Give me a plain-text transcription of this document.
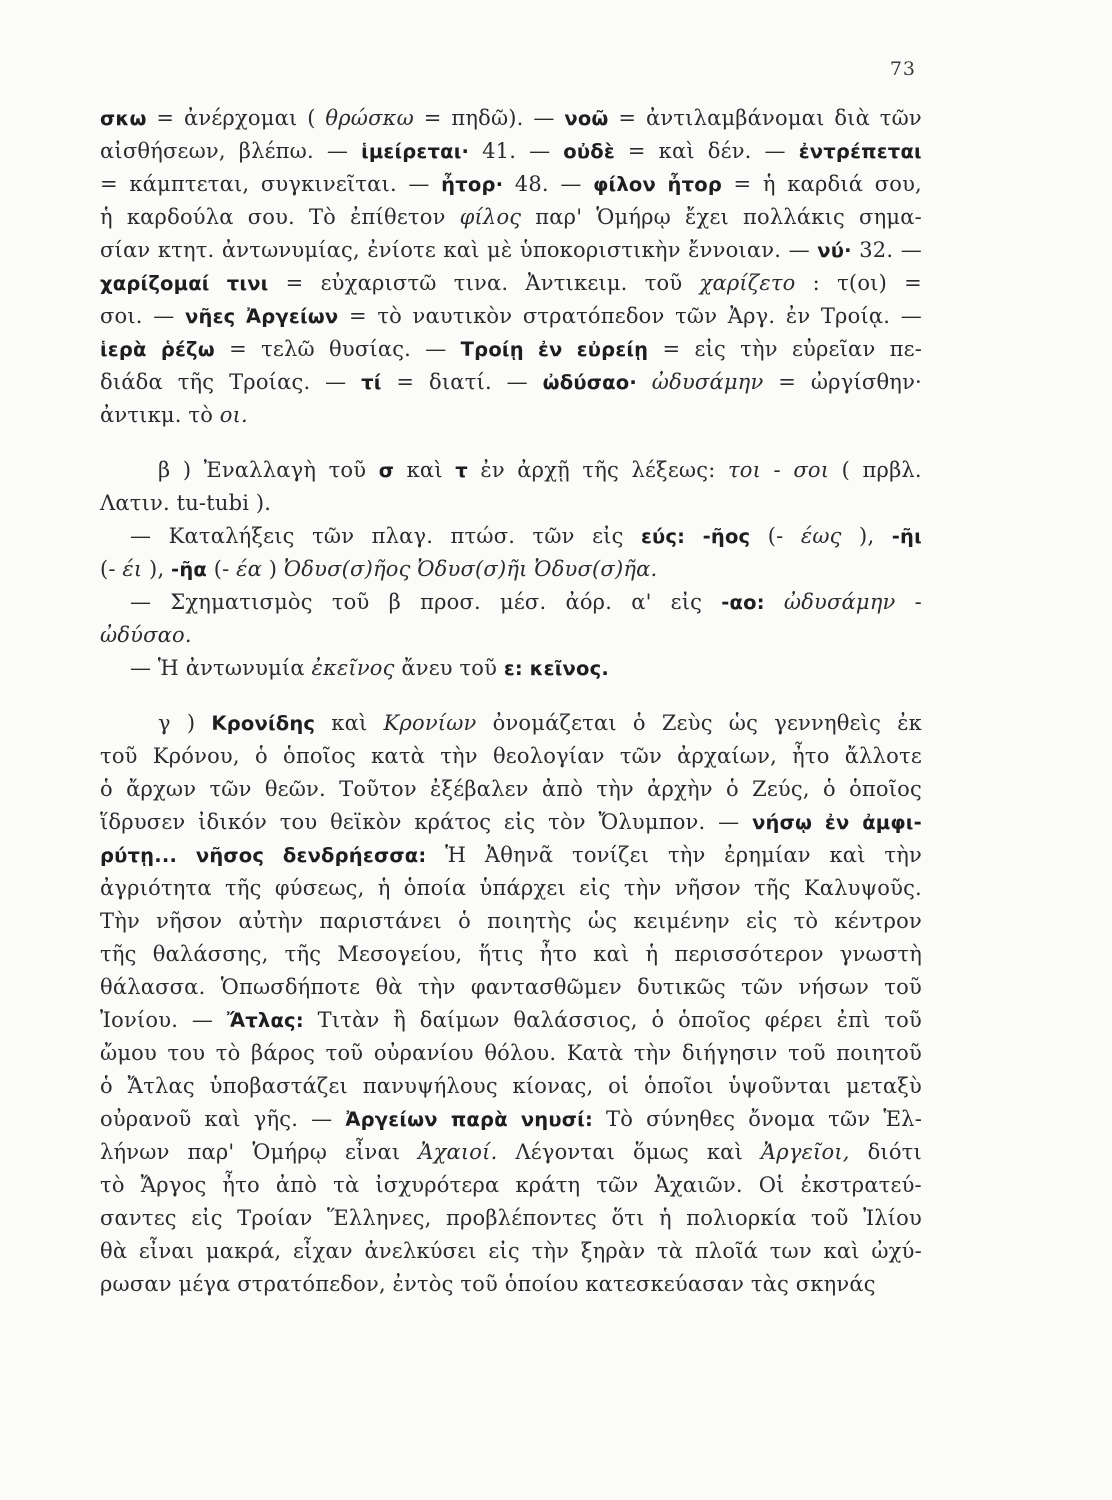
73
σκω = ἀνέρχομαι ( θρώσκω = πηδῶ). — νοῶ = ἀντιλαμβάνομαι διὰ τῶν
αἰσθήσεων, βλέπω. — ἱμείρεται· 41. — οὐδὲ = καὶ δέν. — ἐντρέπεται
= κάμπτεται, συγκινεῖται. — ἦτορ· 48. — φίλον ἦτορ = ἡ καρδιά σου,
ἡ καρδούλα σου. Τὸ ἐπίθετον φίλος παρ' Ὁμήρῳ ἔχει πολλάκις σημα-
σίαν κτητ. ἀντωνυμίας, ἐνίοτε καὶ μὲ ὑποκοριστικὴν ἔννοιαν. — νύ· 32. —
χαρίζομαί τινι = εὐχαριστῶ τινα. Ἀντικειμ. τοῦ χαρίζετο : τ(οι) =
σοι. — νῆες Ἀργείων = τὸ ναυτικὸν στρατόπεδον τῶν Ἀργ. ἐν Τροίᾳ. —
ἱερὰ ῥέζω = τελῶ θυσίας. — Τροίῃ ἐν εὐρείῃ = εἰς τὴν εὐρεῖαν πε-
διάδα τῆς Τροίας. — τί = διατί. — ὠδύσαο· ὠδυσάμην = ὠργίσθην·
ἀντικμ. τὸ οι.
β ) Ἐναλλαγὴ τοῦ σ καὶ τ ἐν ἀρχῇ τῆς λέξεως: τοι - σοι ( πρβλ.
Λατιν. tu-tubi ).
— Καταλήξεις τῶν πλαγ. πτώσ. τῶν εἰς εύς: -ῆος (- έως ), -ῆι
(- έι ), -ῆα (- έα ) Ὀδυσ(σ)ῆος Ὀδυσ(σ)ῆι Ὀδυσ(σ)ῆα.
— Σχηματισμὸς τοῦ β προσ. μέσ. ἀόρ. α' εἰς -αο: ὠδυσάμην -
ὠδύσαο.
— Ἡ ἀντωνυμία ἐκεῖνος ἄνευ τοῦ ε: κεῖνος.
γ ) Κρονίδης καὶ Κρονίων ὀνομάζεται ὁ Ζεὺς ὡς γεννηθεὶς ἐκ
τοῦ Κρόνου, ὁ ὁποῖος κατὰ τὴν θεολογίαν τῶν ἀρχαίων, ἦτο ἄλλοτε
ὁ ἄρχων τῶν θεῶν. Τοῦτον ἐξέβαλεν ἀπὸ τὴν ἀρχὴν ὁ Ζεύς, ὁ ὁποῖος
ἵδρυσεν ἰδικόν του θεϊκὸν κράτος εἰς τὸν Ὄλυμπον. — νήσῳ ἐν ἀμφι-
ρύτῃ... νῆσος δενδρήεσσα: Ἡ Ἀθηνᾶ τονίζει τὴν ἐρημίαν καὶ τὴν
ἀγριότητα τῆς φύσεως, ἡ ὁποία ὑπάρχει εἰς τὴν νῆσον τῆς Καλυψοῦς.
Τὴν νῆσον αὐτὴν παριστάνει ὁ ποιητὴς ὡς κειμένην εἰς τὸ κέντρον
τῆς θαλάσσης, τῆς Μεσογείου, ἥτις ἦτο καὶ ἡ περισσότερον γνωστὴ
θάλασσα. Ὁπωσδήποτε θὰ τὴν φαντασθῶμεν δυτικῶς τῶν νήσων τοῦ
Ἰονίου. — Ἄτλας: Τιτὰν ἢ δαίμων θαλάσσιος, ὁ ὁποῖος φέρει ἐπὶ τοῦ
ὤμου του τὸ βάρος τοῦ οὐρανίου θόλου. Κατὰ τὴν διήγησιν τοῦ ποιητοῦ
ὁ Ἄτλας ὑποβαστάζει πανυψήλους κίονας, οἱ ὁποῖοι ὑψοῦνται μεταξὺ
οὐρανοῦ καὶ γῆς. — Ἀργείων παρὰ νηυσί: Τὸ σύνηθες ὄνομα τῶν Ἑλ-
λήνων παρ' Ὁμήρῳ εἶναι Ἀχαιοί. Λέγονται ὅμως καὶ Ἀργεῖοι, διότι
τὸ Ἄργος ἦτο ἀπὸ τὰ ἰσχυρότερα κράτη τῶν Ἀχαιῶν. Οἱ ἐκστρατεύ-
σαντες εἰς Τροίαν Ἕλληνες, προβλέποντες ὅτι ἡ πολιορκία τοῦ Ἰλίου
θὰ εἶναι μακρά, εἶχαν ἀνελκύσει εἰς τὴν ξηρὰν τὰ πλοῖά των καὶ ὠχύ-
ρωσαν μέγα στρατόπεδον, ἐντὸς τοῦ ὁποίου κατεσκεύασαν τὰς σκηνάς
